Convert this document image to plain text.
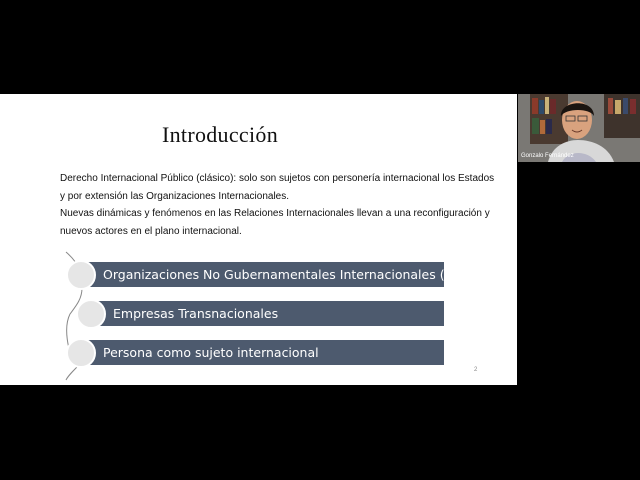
Introducción

Derecho Internacional Público (clásico): solo son sujetos con personería internacional los Estados y por extensión las Organizaciones Internacionales.

Nuevas dinámicas y fenómenos en las Relaciones Internacionales llevan a una reconfiguración y nuevos actores en el plano internacional.

Organizaciones No Gubernamentales Internacionales (ONG)
Empresas Transnacionales
Persona como sujeto internacional
2
Gonzalo Fernández
